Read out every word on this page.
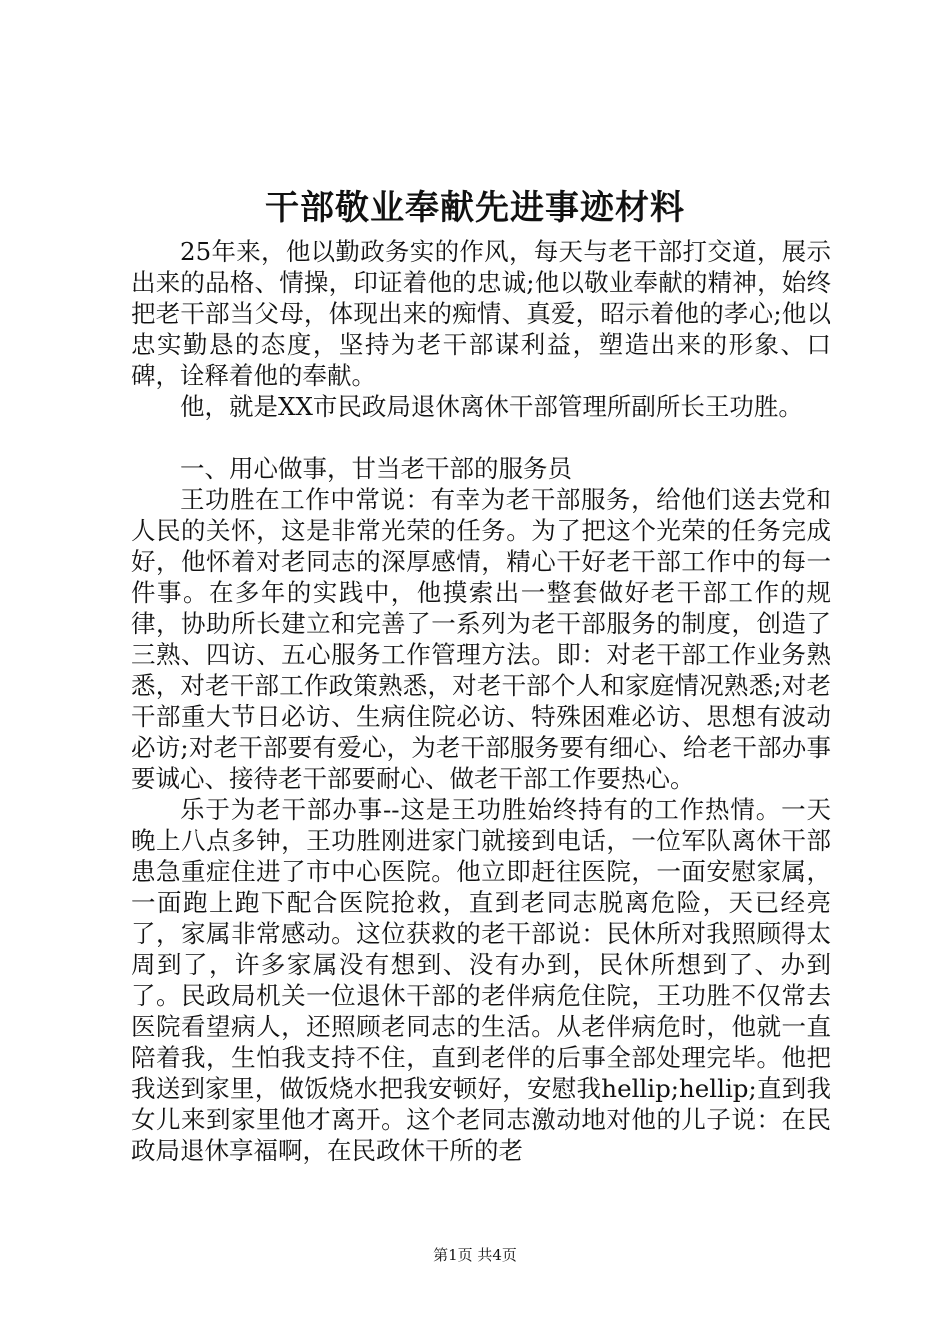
干部敬业奉献先进事迹材料

25年来，他以勤政务实的作风，每天与老干部打交道，展示出来的品格、情操，印证着他的忠诚;他以敬业奉献的精神，始终把老干部当父母，体现出来的痴情、真爱，昭示着他的孝心;他以忠实勤恳的态度，坚持为老干部谋利益，塑造出来的形象、口碑，诠释着他的奉献。

他，就是XX市民政局退休离休干部管理所副所长王功胜。

一、用心做事，甘当老干部的服务员

王功胜在工作中常说：有幸为老干部服务，给他们送去党和人民的关怀，这是非常光荣的任务。为了把这个光荣的任务完成好，他怀着对老同志的深厚感情，精心干好老干部工作中的每一件事。在多年的实践中，他摸索出一整套做好老干部工作的规律，协助所长建立和完善了一系列为老干部服务的制度，创造了三熟、四访、五心服务工作管理方法。即：对老干部工作业务熟悉，对老干部工作政策熟悉，对老干部个人和家庭情况熟悉;对老干部重大节日必访、生病住院必访、特殊困难必访、思想有波动必访;对老干部要有爱心，为老干部服务要有细心、给老干部办事要诚心、接待老干部要耐心、做老干部工作要热心。

乐于为老干部办事--这是王功胜始终持有的工作热情。一天晚上八点多钟，王功胜刚进家门就接到电话，一位军队离休干部患急重症住进了市中心医院。他立即赶往医院，一面安慰家属，一面跑上跑下配合医院抢救，直到老同志脱离危险，天已经亮了，家属非常感动。这位获救的老干部说：民休所对我照顾得太周到了，许多家属没有想到、没有办到，民休所想到了、办到了。民政局机关一位退休干部的老伴病危住院，王功胜不仅常去医院看望病人，还照顾老同志的生活。从老伴病危时，他就一直陪着我，生怕我支持不住，直到老伴的后事全部处理完毕。他把我送到家里，做饭烧水把我安顿好，安慰我hellip;hellip;直到我女儿来到家里他才离开。这个老同志激动地对他的儿子说：在民政局退休享福啊，在民政休干所的老

第1页 共4页
